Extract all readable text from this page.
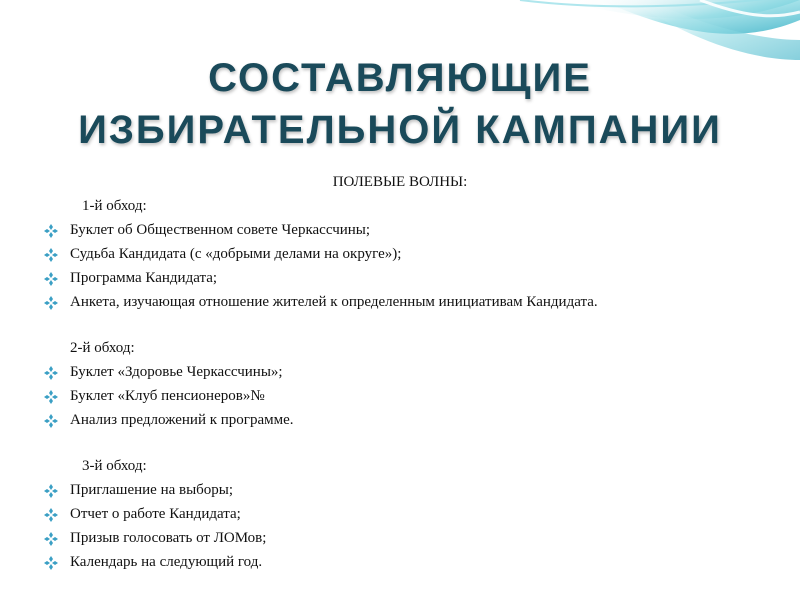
СОСТАВЛЯЮЩИЕ
ИЗБИРАТЕЛЬНОЙ КАМПАНИИ
ПОЛЕВЫЕ ВОЛНЫ:
1-й обход:
Буклет об Общественном совете Черкассчины;
Судьба Кандидата (с «добрыми делами на округе»);
Программа Кандидата;
Анкета, изучающая отношение жителей к определенным инициативам Кандидата.
2-й обход:
Буклет «Здоровье Черкассчины»;
Буклет «Клуб пенсионеров»№
Анализ предложений к программе.
3-й обход:
Приглашение на выборы;
Отчет о работе Кандидата;
Призыв голосовать от ЛОМов;
Календарь на следующий год.
